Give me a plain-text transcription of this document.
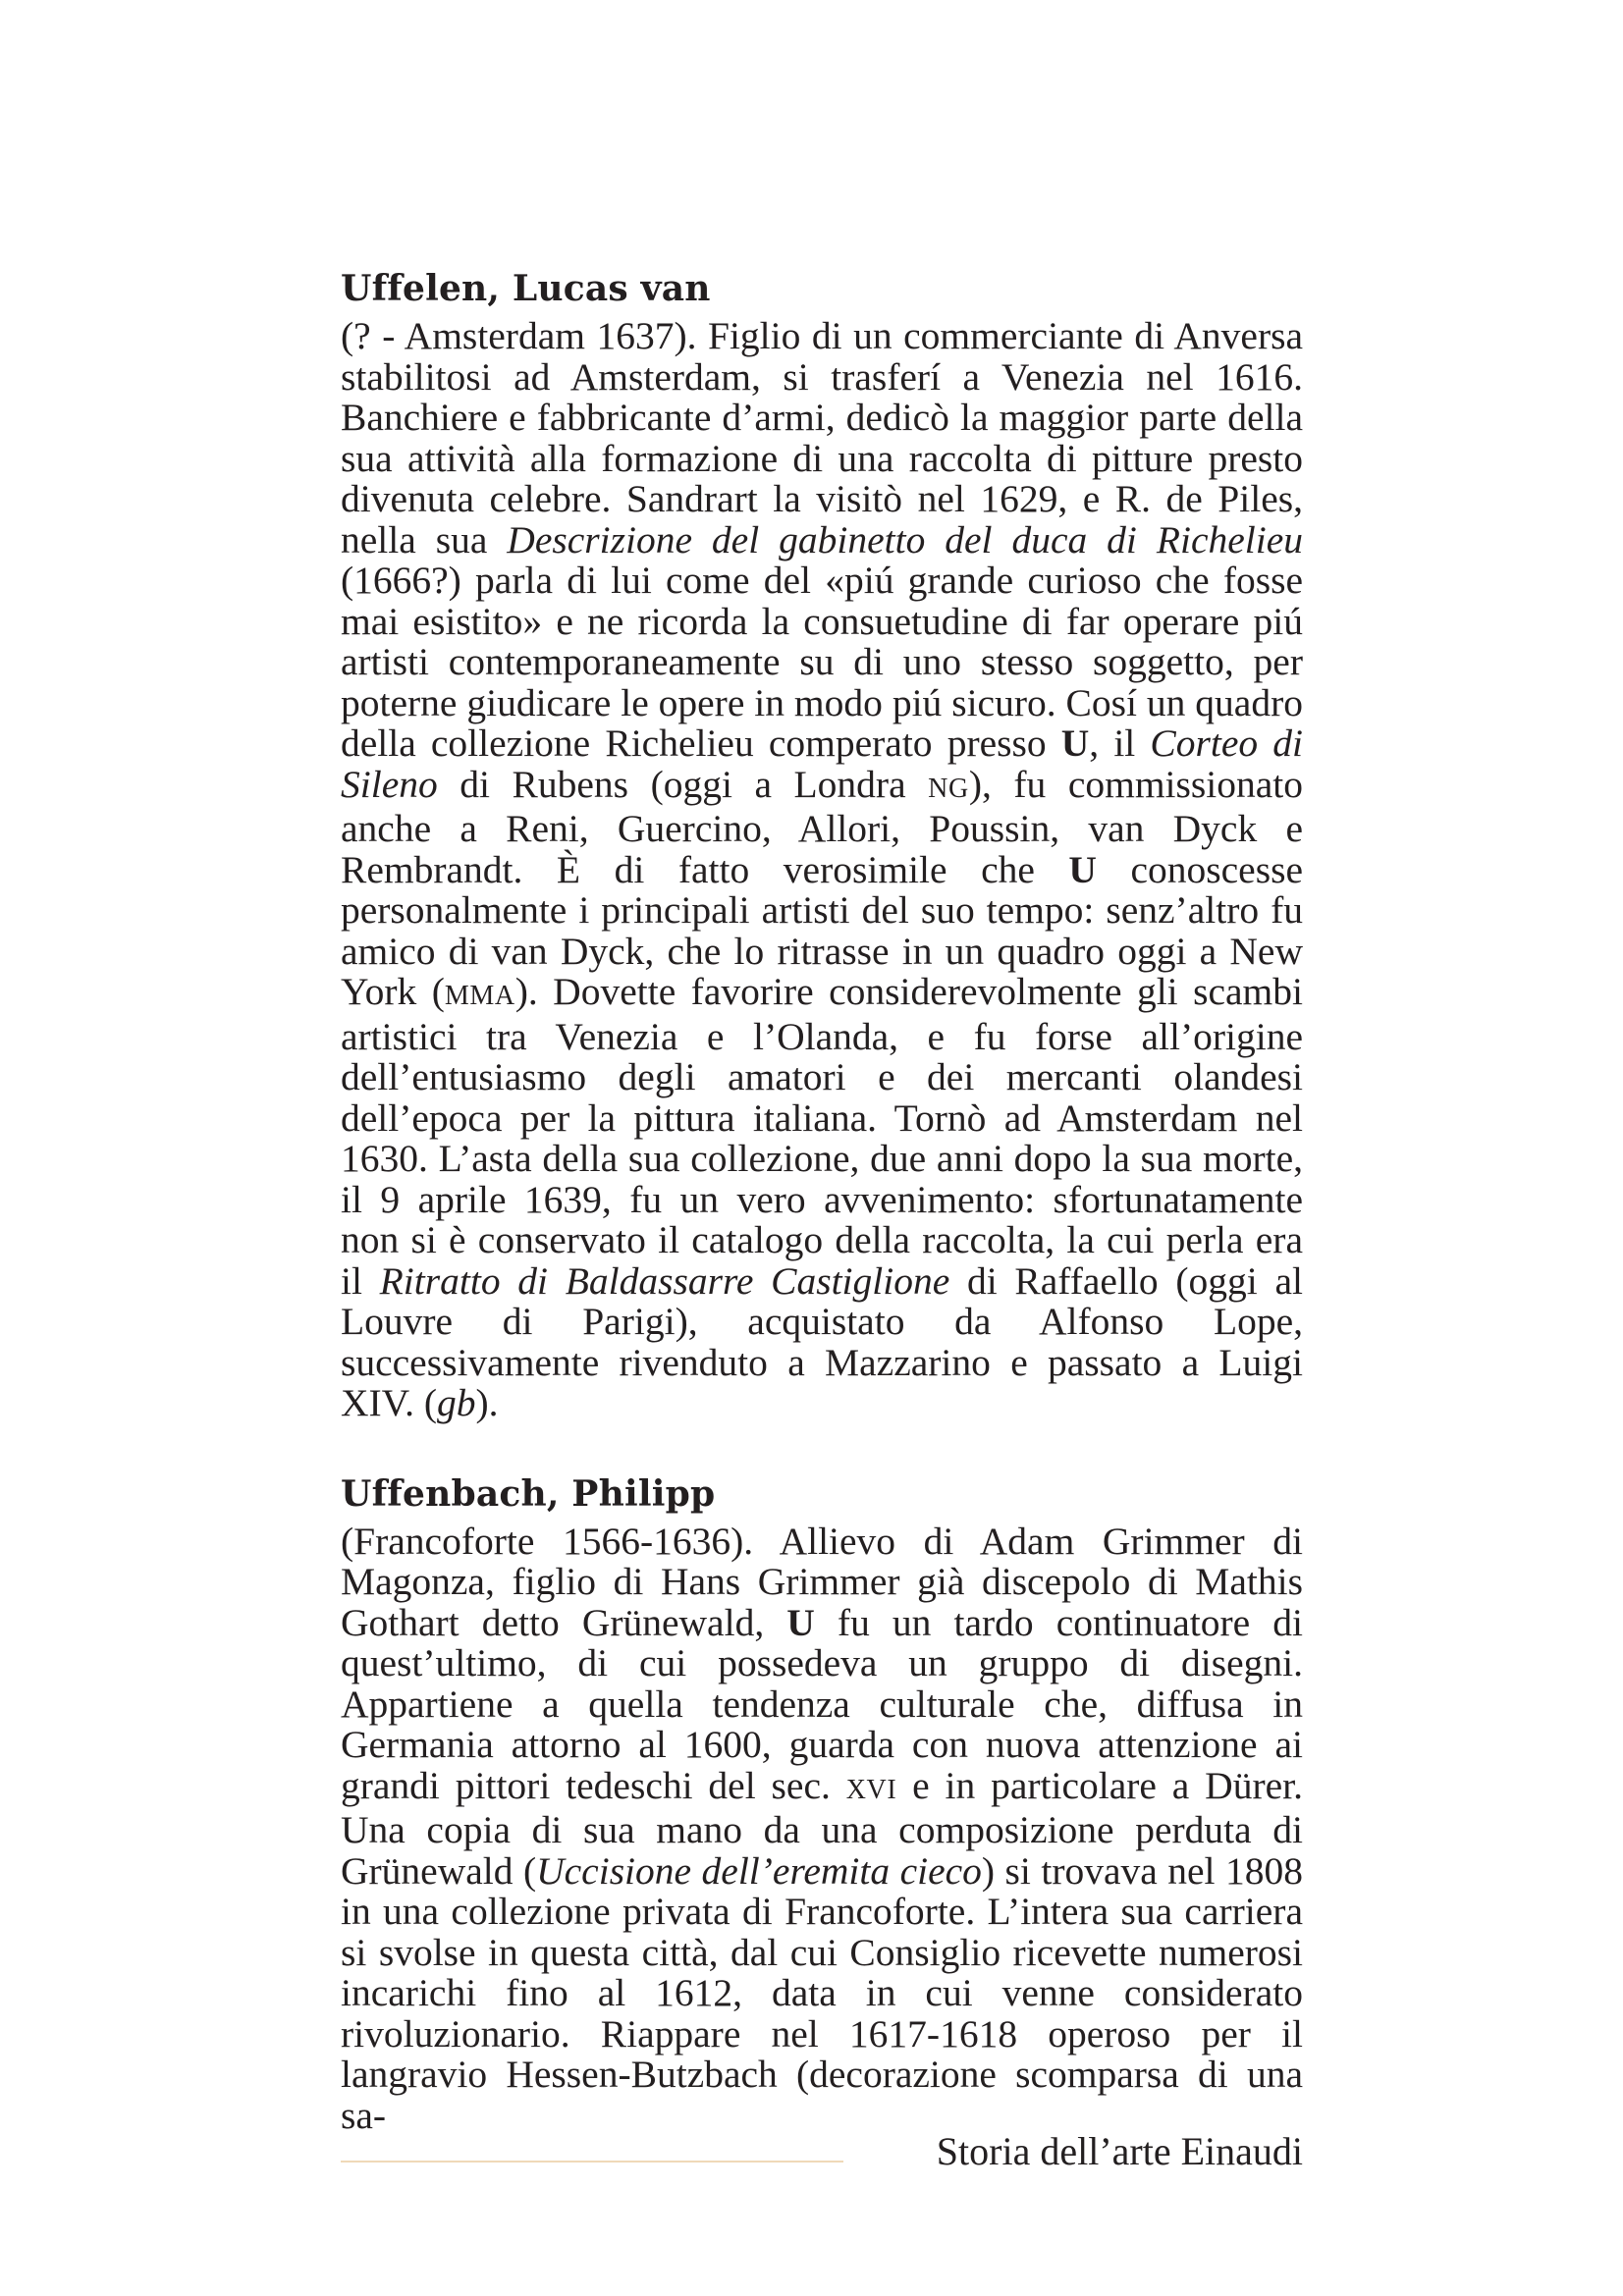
Uffelen, Lucas van

(? - Amsterdam 1637). Figlio di un commerciante di Anversa stabilitosi ad Amsterdam, si trasferí a Venezia nel 1616. Banchiere e fabbricante d’armi, dedicò la maggior parte della sua attività alla formazione di una raccolta di pitture presto divenuta celebre. Sandrart la visitò nel 1629, e R. de Piles, nella sua Descrizione del gabinetto del duca di Richelieu (1666?) parla di lui come del «piú grande curioso che fosse mai esistito» e ne ricorda la consuetudine di far operare piú artisti contemporaneamente su di uno stesso soggetto, per poterne giudicare le opere in modo piú sicuro. Cosí un quadro della collezione Richelieu comperato presso U, il Corteo di Sileno di Rubens (oggi a Londra NG), fu commissionato anche a Reni, Guercino, Allori, Poussin, van Dyck e Rembrandt. È di fatto verosimile che U conoscesse personalmente i principali artisti del suo tempo: senz’altro fu amico di van Dyck, che lo ritrasse in un quadro oggi a New York (MMA). Dovette favorire considerevolmente gli scambi artistici tra Venezia e l’Olanda, e fu forse all’origine dell’entusiasmo degli amatori e dei mercanti olandesi dell’epoca per la pittura italiana. Tornò ad Amsterdam nel 1630. L’asta della sua collezione, due anni dopo la sua morte, il 9 aprile 1639, fu un vero avvenimento: sfortunatamente non si è conservato il catalogo della raccolta, la cui perla era il Ritratto di Baldassarre Castiglione di Raffaello (oggi al Louvre di Parigi), acquistato da Alfonso Lope, successivamente rivenduto a Mazzarino e passato a Luigi XIV. (gb).

Uffenbach, Philipp

(Francoforte 1566-1636). Allievo di Adam Grimmer di Magonza, figlio di Hans Grimmer già discepolo di Mathis Gothart detto Grünewald, U fu un tardo continuatore di quest’ultimo, di cui possedeva un gruppo di disegni. Appartiene a quella tendenza culturale che, diffusa in Germania attorno al 1600, guarda con nuova attenzione ai grandi pittori tedeschi del sec. XVI e in particolare a Dürer. Una copia di sua mano da una composizione perduta di Grünewald (Uccisione dell’eremita cieco) si trovava nel 1808 in una collezione privata di Francoforte. L’intera sua carriera si svolse in questa città, dal cui Consiglio ricevette numerosi incarichi fino al 1612, data in cui venne considerato rivoluzionario. Riappare nel 1617-1618 operoso per il langravio Hessen-Butzbach (decorazione scomparsa di una sa-

Storia dell’arte Einaudi
